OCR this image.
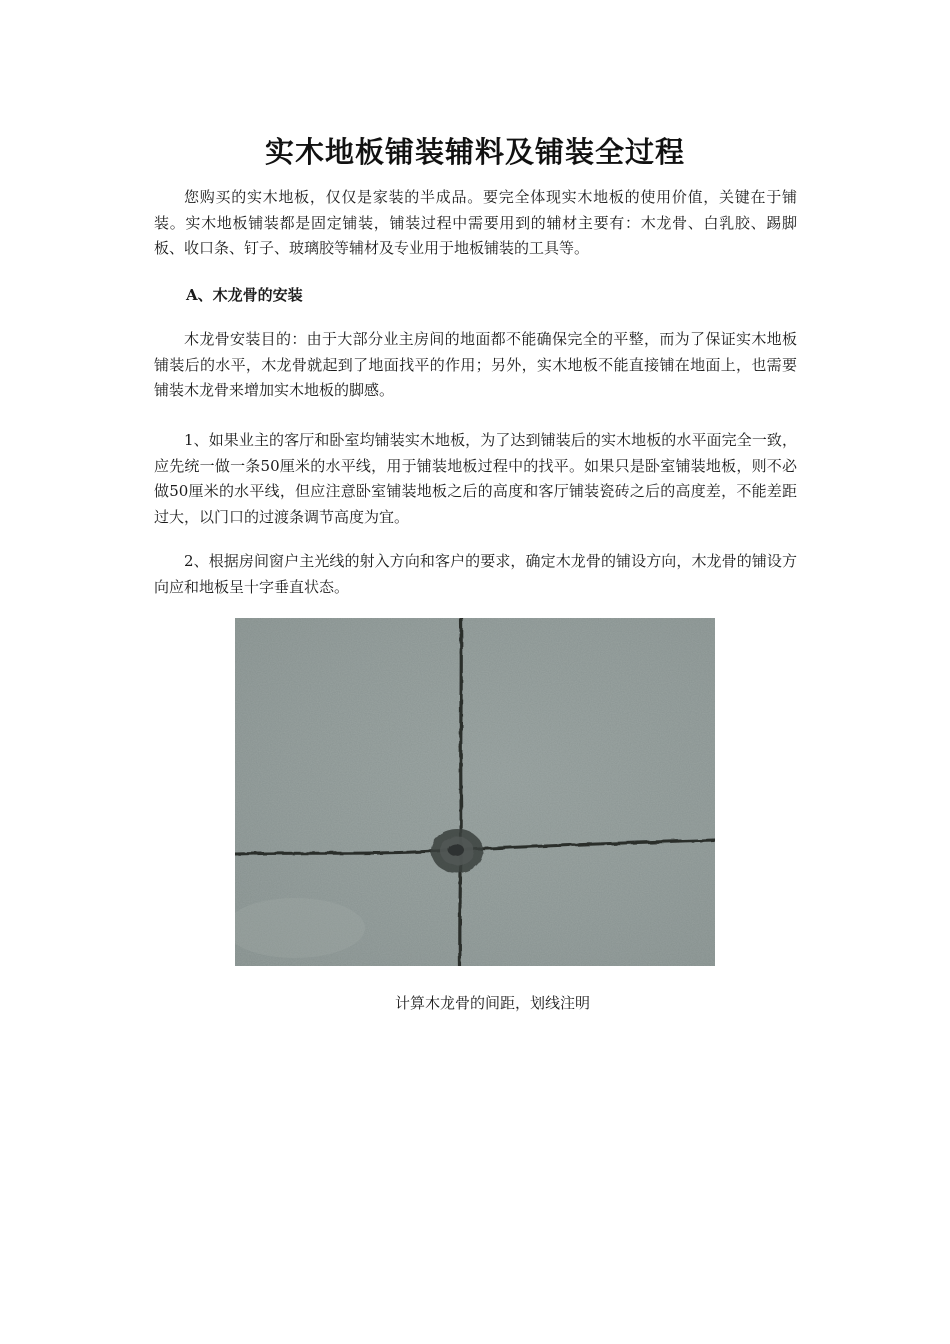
实木地板铺装辅料及铺装全过程

您购买的实木地板，仅仅是家装的半成品。要完全体现实木地板的使用价值，关键在于铺装。实木地板铺装都是固定铺装，铺装过程中需要用到的辅材主要有：木龙骨、白乳胶、踢脚板、收口条、钉子、玻璃胶等辅材及专业用于地板铺装的工具等。

A、木龙骨的安装

木龙骨安装目的：由于大部分业主房间的地面都不能确保完全的平整，而为了保证实木地板铺装后的水平，木龙骨就起到了地面找平的作用；另外，实木地板不能直接铺在地面上，也需要铺装木龙骨来增加实木地板的脚感。

1、如果业主的客厅和卧室均铺装实木地板，为了达到铺装后的实木地板的水平面完全一致，应先统一做一条50厘米的水平线，用于铺装地板过程中的找平。如果只是卧室铺装地板，则不必做50厘米的水平线，但应注意卧室铺装地板之后的高度和客厅铺装瓷砖之后的高度差，不能差距过大，以门口的过渡条调节高度为宜。

2、根据房间窗户主光线的射入方向和客户的要求，确定木龙骨的铺设方向，木龙骨的铺设方向应和地板呈十字垂直状态。

计算木龙骨的间距，划线注明
